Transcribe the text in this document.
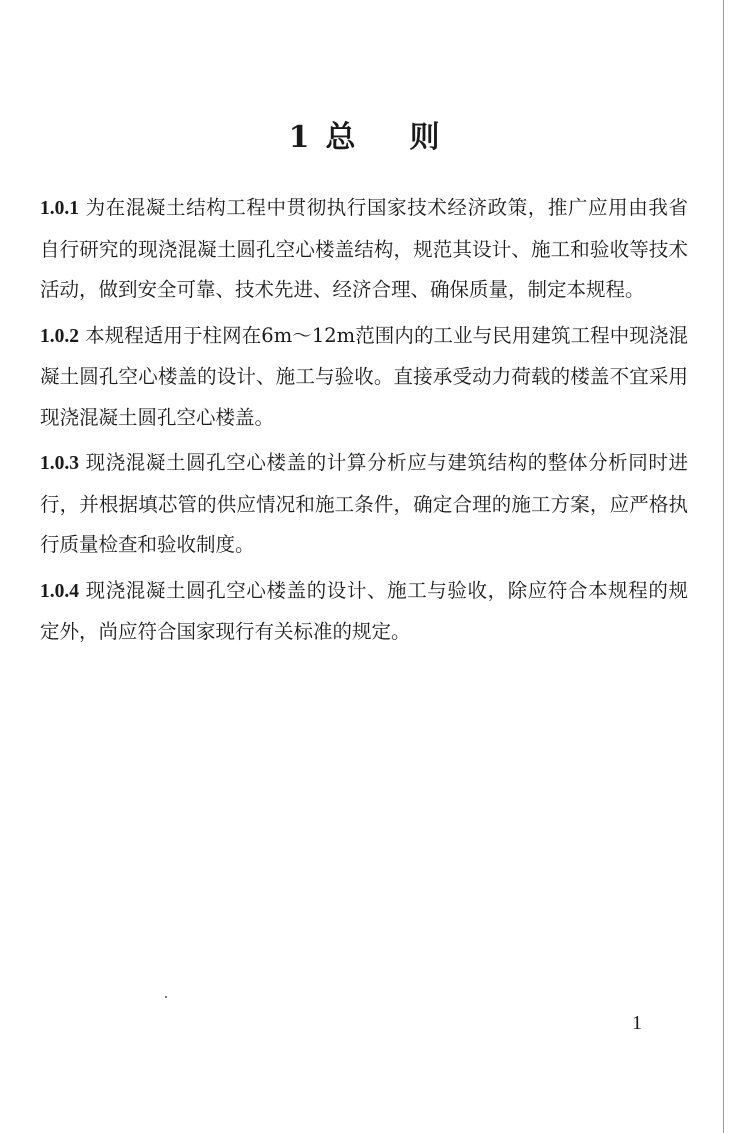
1 总 则

1.0.1 为在混凝土结构工程中贯彻执行国家技术经济政策，推广应用由我省自行研究的现浇混凝土圆孔空心楼盖结构，规范其设计、施工和验收等技术活动，做到安全可靠、技术先进、经济合理、确保质量，制定本规程。

1.0.2 本规程适用于柱网在6m～12m范围内的工业与民用建筑工程中现浇混凝土圆孔空心楼盖的设计、施工与验收。直接承受动力荷载的楼盖不宜采用现浇混凝土圆孔空心楼盖。

1.0.3 现浇混凝土圆孔空心楼盖的计算分析应与建筑结构的整体分析同时进行，并根据填芯管的供应情况和施工条件，确定合理的施工方案，应严格执行质量检查和验收制度。

1.0.4 现浇混凝土圆孔空心楼盖的设计、施工与验收，除应符合本规程的规定外，尚应符合国家现行有关标准的规定。

1
